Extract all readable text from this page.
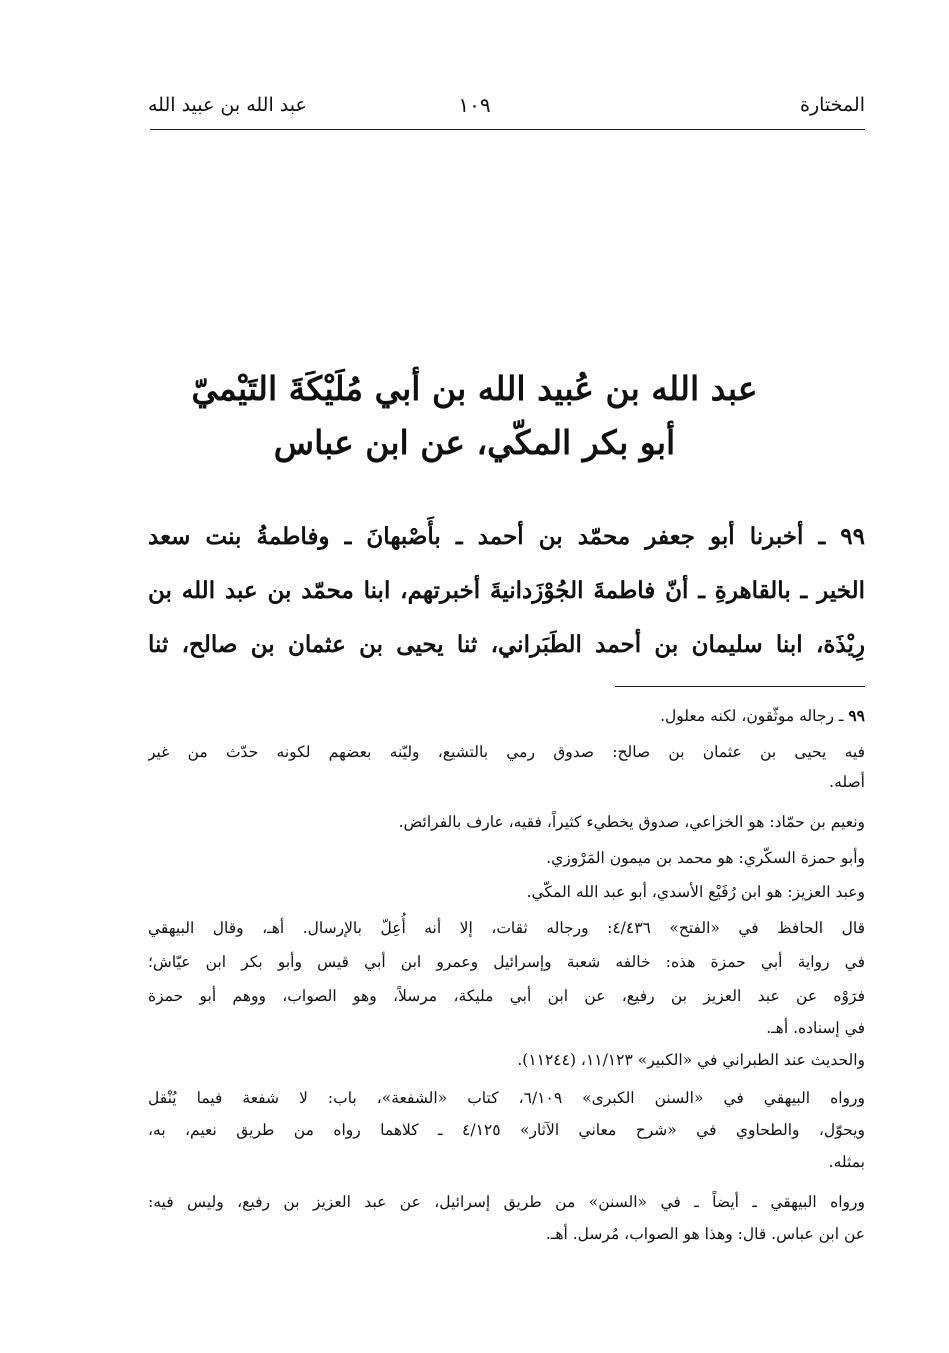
المختارة
١٠٩
عبد الله بن عبيد الله
عبد الله بن عُبيد الله بن أبي مُلَيْكَةَ التَيْميّ
أبو بكر المكّي، عن ابن عباس
٩٩ ـ أخبرنا أبو جعفر محمّد بن أحمد ـ بأَصْبهانَ ـ وفاطمةُ بنت سعد
الخير ـ بالقاهرةِ ـ أنّ فاطمةَ الجُوْزَدانيةَ أخبرتهم، ابنا محمّد بن عبد الله بن
رِيْذَة، ابنا سليمان بن أحمد الطَبَراني، ثنا يحيى بن عثمان بن صالح، ثنا
٩٩ ـ رجاله موثّقون، لكنه معلول.
فيه يحيى بن عثمان بن صالح: صدوق رمي بالتشيع، وليّنه بعضهم لكونه حدّث من غير
أصله.
ونعيم بن حمّاد: هو الخزاعي، صدوق يخطيء كثيراً، فقيه، عارف بالفرائض.
وأبو حمزة السكّري: هو محمد بن ميمون المَرْوزي.
وعبد العزيز: هو ابن رُفَيْع الأسدي، أبو عبد الله المكّي.
قال الحافظ في «الفتح» ٤/٤٣٦: ورجاله ثقات، إلا أنه أُعِلّ بالإرسال. أهـ، وقال البيهقي
في رواية أبي حمزة هذه: خالفه شعبة وإسرائيل وعمرو ابن أبي قيس وأبو بكر ابن عيّاش؛
فرَوْه عن عبد العزيز بن رفيع، عن ابن أبي مليكة، مرسلاً، وهو الصواب، ووهم أبو حمزة
في إسناده. أهـ.
والحديث عند الطبراني في «الكبير» ١١/١٢٣، (١١٢٤٤).
ورواه البيهقي في «السنن الكبرى» ٦/١٠٩، كتاب «الشفعة»، باب: لا شفعة فيما يُنْقل
ويحوّل، والطحاوي في «شرح معاني الآثار» ٤/١٢٥ ـ كلاهما رواه من طريق نعيم، به،
بمثله.
ورواه البيهقي ـ أيضاً ـ في «السنن» من طريق إسرائيل، عن عبد العزيز بن رفيع، وليس فيه:
عن ابن عباس. قال: وهذا هو الصواب، مُرسل. أهـ.
